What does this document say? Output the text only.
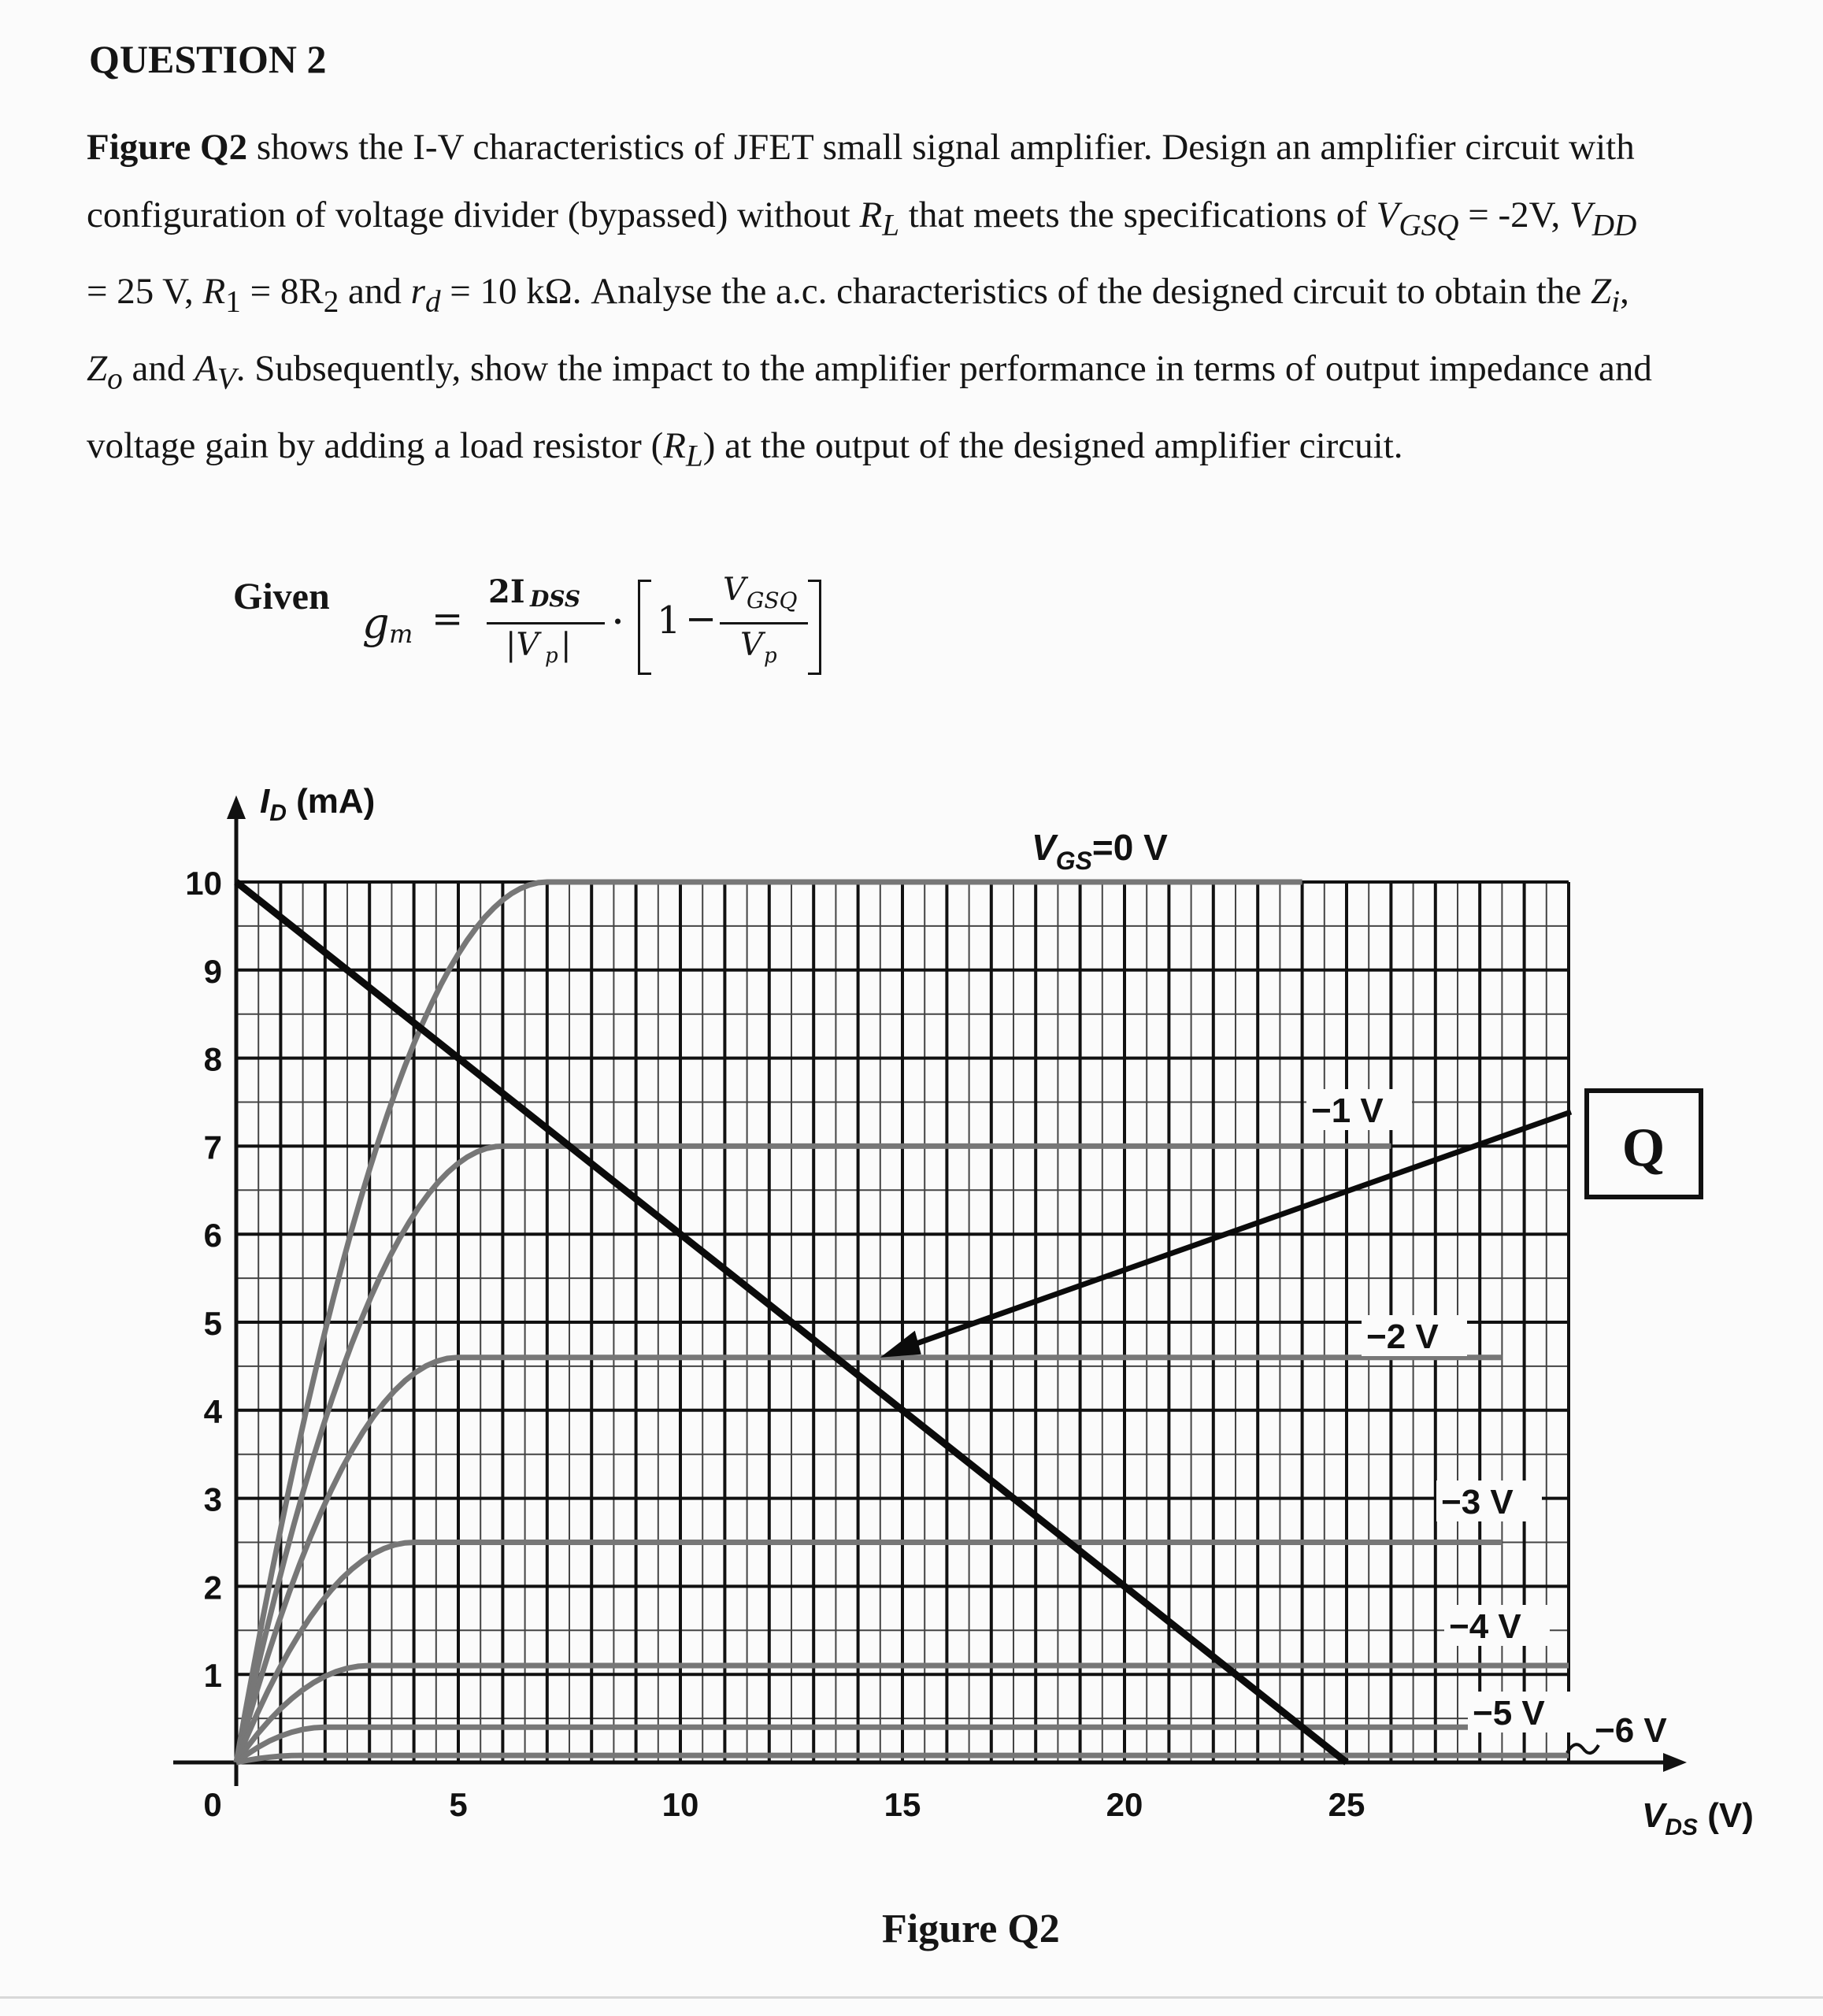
QUESTION 2

Figure Q2 shows the I-V characteristics of JFET small signal amplifier. Design an amplifier circuit with configuration of voltage divider (bypassed) without $R_L$ that meets the specifications of $V_{GSQ} = -2V$, $V_{DD} = 25$ V, $R_1 = 8R_2$ and $r_d = 10$ kΩ. Analyse the a.c. characteristics of the designed circuit to obtain the $Z_i$, $Z_o$ and $A_V$. Subsequently, show the impact to the amplifier performance in terms of output impedance and voltage gain by adding a load resistor $(R_L)$ at the output of the designed amplifier circuit.

Given
g m =
2I DSS
|V p | · 1 −
V GSQ
V p
Q
1
2
3
4
5
6
7
8
9
10
0	5	10	15	20	25
$I_D$ (mA)
$V_{DS}$ (V)
$V_{GS}=0$ V
−1 V
−2 V
−3 V
−4 V
−5 V −6 V
Figure Q2
